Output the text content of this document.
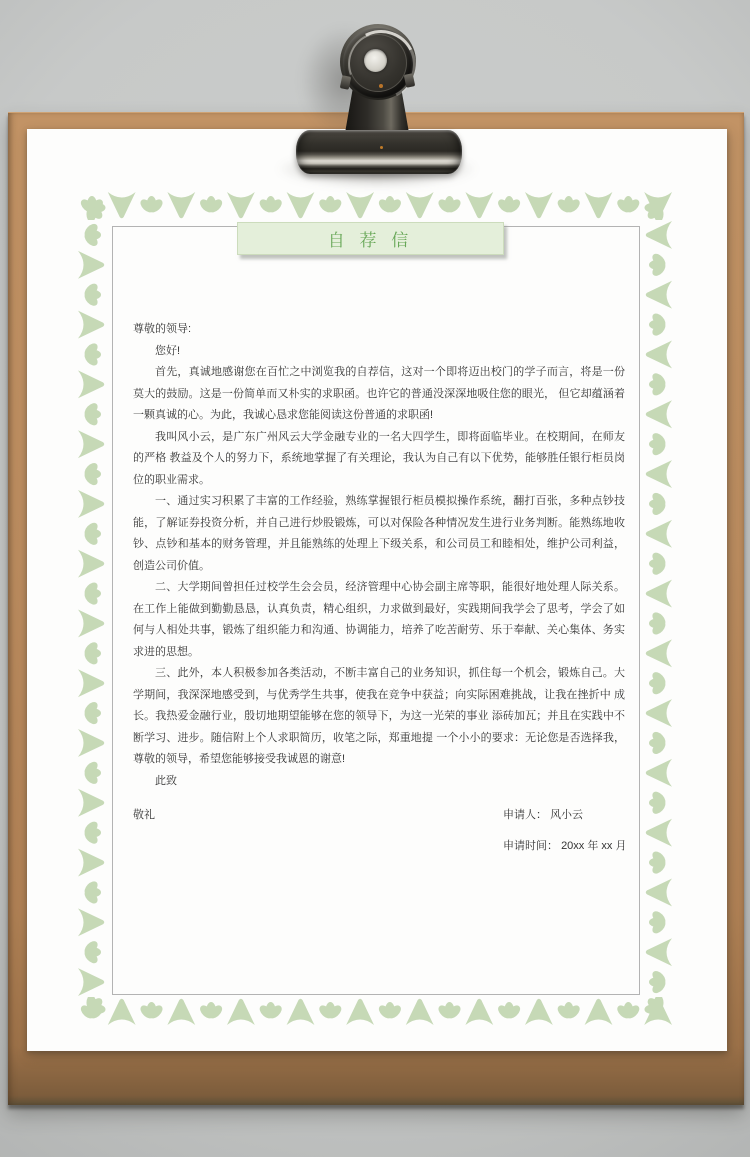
自 荐 信

尊敬的领导:

您好!

首先，真诚地感谢您在百忙之中浏览我的自荐信，这对一个即将迈出校门的学子而言，将是一份莫大的鼓励。这是一份简单而又朴实的求职函。也许它的普通没深深地吸住您的眼光， 但它却蕴涵着一颗真诚的心。为此，我诚心恳求您能阅读这份普通的求职函!

我叫风小云，是广东广州风云大学金融专业的一名大四学生，即将面临毕业。在校期间，在师友的严格 教益及个人的努力下，系统地掌握了有关理论，我认为自己有以下优势，能够胜任银行柜员岗位的职业需求。

一、通过实习积累了丰富的工作经验，熟练掌握银行柜员模拟操作系统，翻打百张，多种点钞技能，了解证券投资分析，并自己进行炒股锻炼，可以对保险各种情况发生进行业务判断。能熟练地收钞、点钞和基本的财务管理，并且能熟练的处理上下级关系，和公司员工和睦相处，维护公司利益，创造公司价值。

二、大学期间曾担任过校学生会会员，经济管理中心协会副主席等职，能很好地处理人际关系。在工作上能做到勤勤恳恳，认真负责，精心组织，力求做到最好，实践期间我学会了思考，学会了如何与人相处共事，锻炼了组织能力和沟通、协调能力，培养了吃苦耐劳、乐于奉献、关心集体、务实求进的思想。

三、此外，本人积极参加各类活动，不断丰富自己的业务知识，抓住每一个机会，锻炼自己。大学期间，我深深地感受到，与优秀学生共事，使我在竞争中获益；向实际困难挑战，让我在挫折中 成长。我热爱金融行业，殷切地期望能够在您的领导下，为这一光荣的事业 添砖加瓦；并且在实践中不断学习、进步。随信附上个人求职简历，收笔之际，郑重地提 一个小小的要求：无论您是否选择我，尊敬的领导，希望您能够接受我诚恩的谢意!

此致

敬礼	申请人： 风小云
申请时间： 20xx 年 xx 月
